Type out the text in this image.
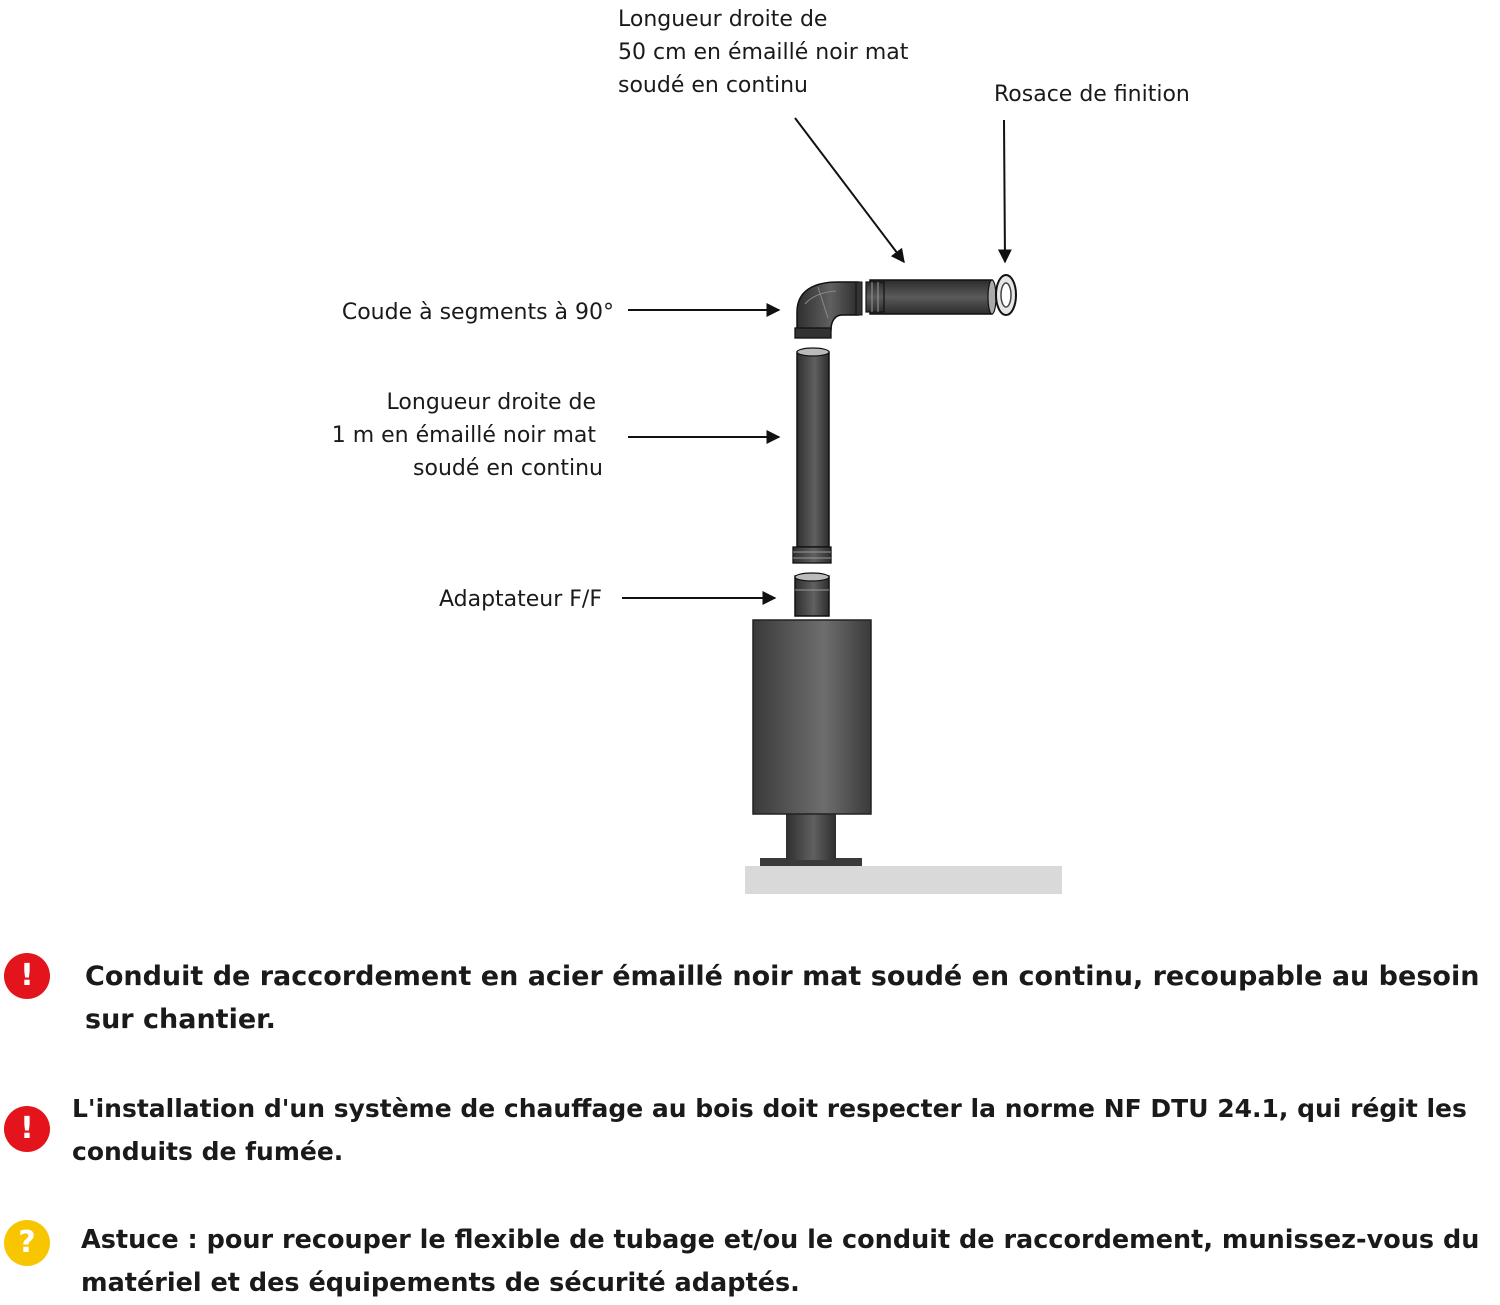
Longueur droite de 50 cm en émaillé noir mat soudé en continu	Rosace de finition
Coude à segments à 90°
Longueur droite de 1 m en émaillé noir mat soudé en continu
Adaptateur F/F
!	Conduit de raccordement en acier émaillé noir mat soudé en continu, recoupable au besoin
sur chantier.
!
L'installation d'un système de chauffage au bois doit respecter la norme NF DTU 24.1, qui régit les
conduits de fumée.
?	Astuce : pour recouper le flexible de tubage et/ou le conduit de raccordement, munissez-vous du
matériel et des équipements de sécurité adaptés.
